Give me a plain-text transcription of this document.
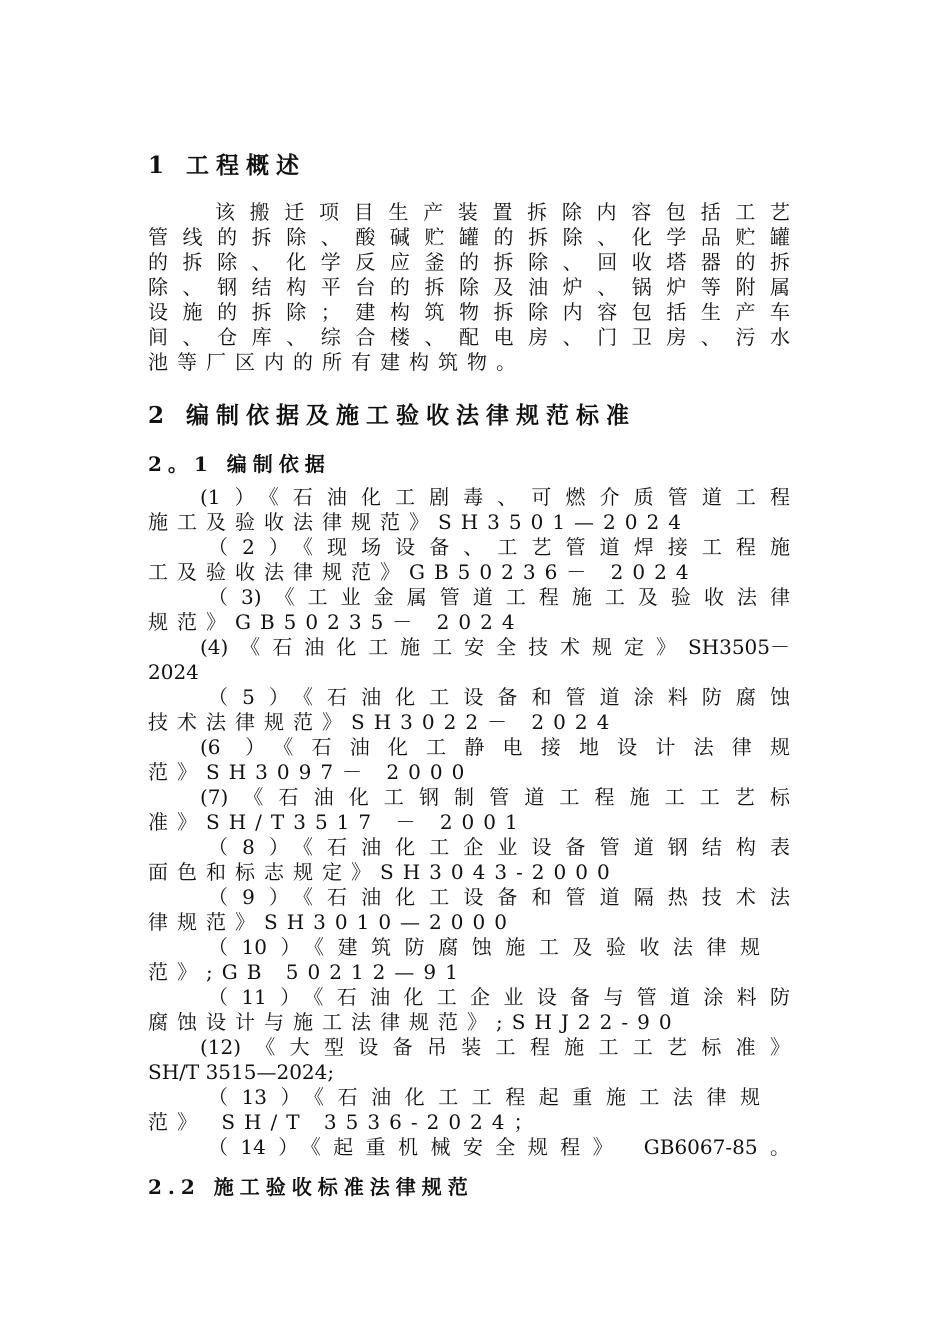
1 工程概述
该搬迁项目生产装置拆除内容包括工艺
管线的拆除、酸碱贮罐的拆除、化学品贮罐
的拆除、化学反应釜的拆除、回收塔器的拆
除、钢结构平台的拆除及油炉、锅炉等附属
设施的拆除；建构筑物拆除内容包括生产车
间、仓库、综合楼、配电房、门卫房、污水
池等厂区内的所有建构筑物。
2 编制依据及施工验收法律规范标准
2。1 编制依据
(1）《石油化工剧毒、可燃介质管道工程
施工及验收法律规范》SH3501—2024
（2）《现场设备、工艺管道焊接工程施
工及验收法律规范》GB50236－ 2024
（3)《工业金属管道工程施工及验收法律
规范》GB50235－ 2024
(4)《石油化工施工安全技术规定》SH3505－
2024
（5）《石油化工设备和管道涂料防腐蚀
技术法律规范》SH3022－ 2024
(6 ）《石油化工静电接地设计法律规
范》SH3097－ 2000
(7)《石油化工钢制管道工程施工工艺标
准》SH/T3517 － 2001
（8）《石油化工企业设备管道钢结构表
面色和标志规定》SH3043-2000
（9）《石油化工设备和管道隔热技术法
律规范》SH3010—2000
（10）《建筑防腐蚀施工及验收法律规
范》;GB 50212—91
（11）《石油化工企业设备与管道涂料防
腐蚀设计与施工法律规范》;SHJ22-90
(12)《大型设备吊装工程施工工艺标准》
SH/T 3515—2024;
（13）《石油化工工程起重施工法律规
范》 SH/T 3536-2024；
（14）《起重机械安全规程》 GB6067-85。
2.2 施工验收标准法律规范
